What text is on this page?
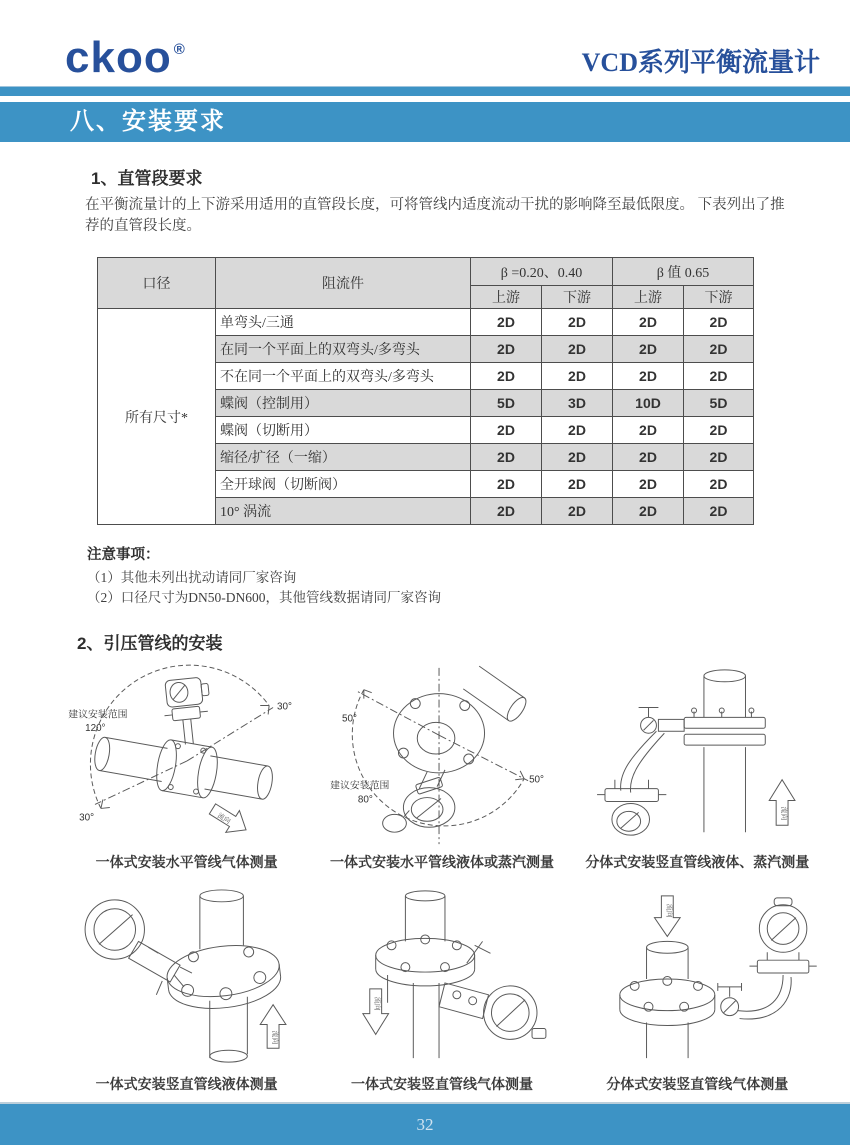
ckoo ®	VCD系列平衡流量计
八、安装要求
1、直管段要求

在平衡流量计的上下游采用适用的直管段长度，可将管线内适度流动干扰的影响降至最低限度。 下表列出了推荐的直管段长度。

口径	阻流件	β =0.20、0.40		β 值 0.65	
		上游	下游	上游	下游
所有尺寸*	单弯头/三通	2D	2D	2D	2D
	在同一个平面上的双弯头/多弯头	2D	2D	2D	2D
	不在同一个平面上的双弯头/多弯头	2D	2D	2D	2D
	蝶阀（控制用）	5D	3D	10D	5D
	蝶阀（切断用）	2D	2D	2D	2D
	缩径/扩径（一缩）	2D	2D	2D	2D
	全开球阀（切断阀）	2D	2D	2D	2D
	10° 涡流	2D	2D	2D	2D
注意事项：
（1）其他未列出扰动请同厂家咨询
（2）口径尺寸为DN50-DN600，其他管线数据请同厂家咨询
2、引压管线的安装
建议安装范围
120°
30°
30°	流向
一体式安装水平管线气体测量
50°
50°
建议安装范围
80°
一体式安装水平管线液体或蒸汽测量
流向
分体式安装竖直管线液体、蒸汽测量
流向
一体式安装竖直管线液体测量
流向
一体式安装竖直管线气体测量
流向
分体式安装竖直管线气体测量
32
